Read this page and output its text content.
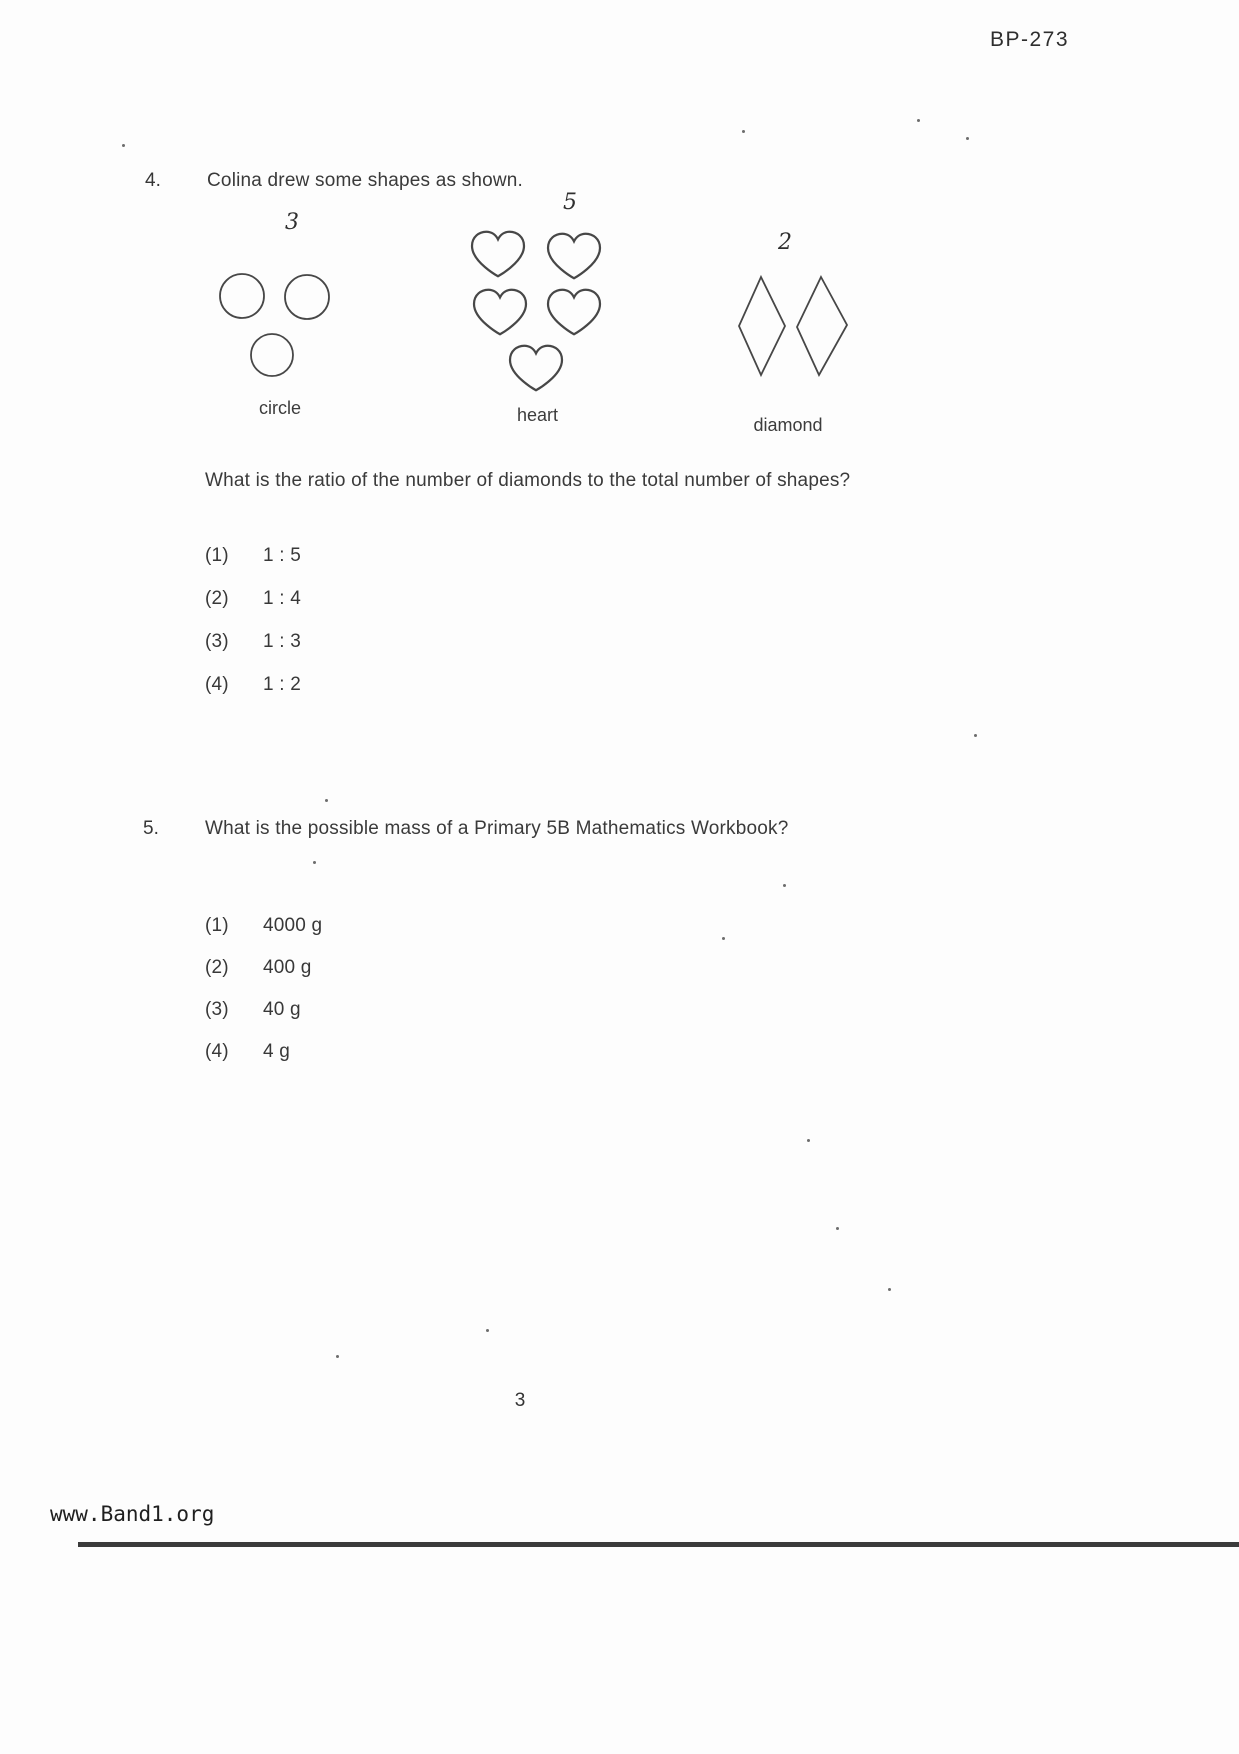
BP-273
4. Colina drew some shapes as shown.
3
circle
5
heart
2
diamond
What is the ratio of the number of diamonds to the total number of shapes?
(1) 1 : 5
(2) 1 : 4
(3) 1 : 3
(4) 1 : 2
5. What is the possible mass of a Primary 5B Mathematics Workbook?
(1) 4000 g
(2) 400 g
(3) 40 g
(4) 4 g
3
www.Band1.org
